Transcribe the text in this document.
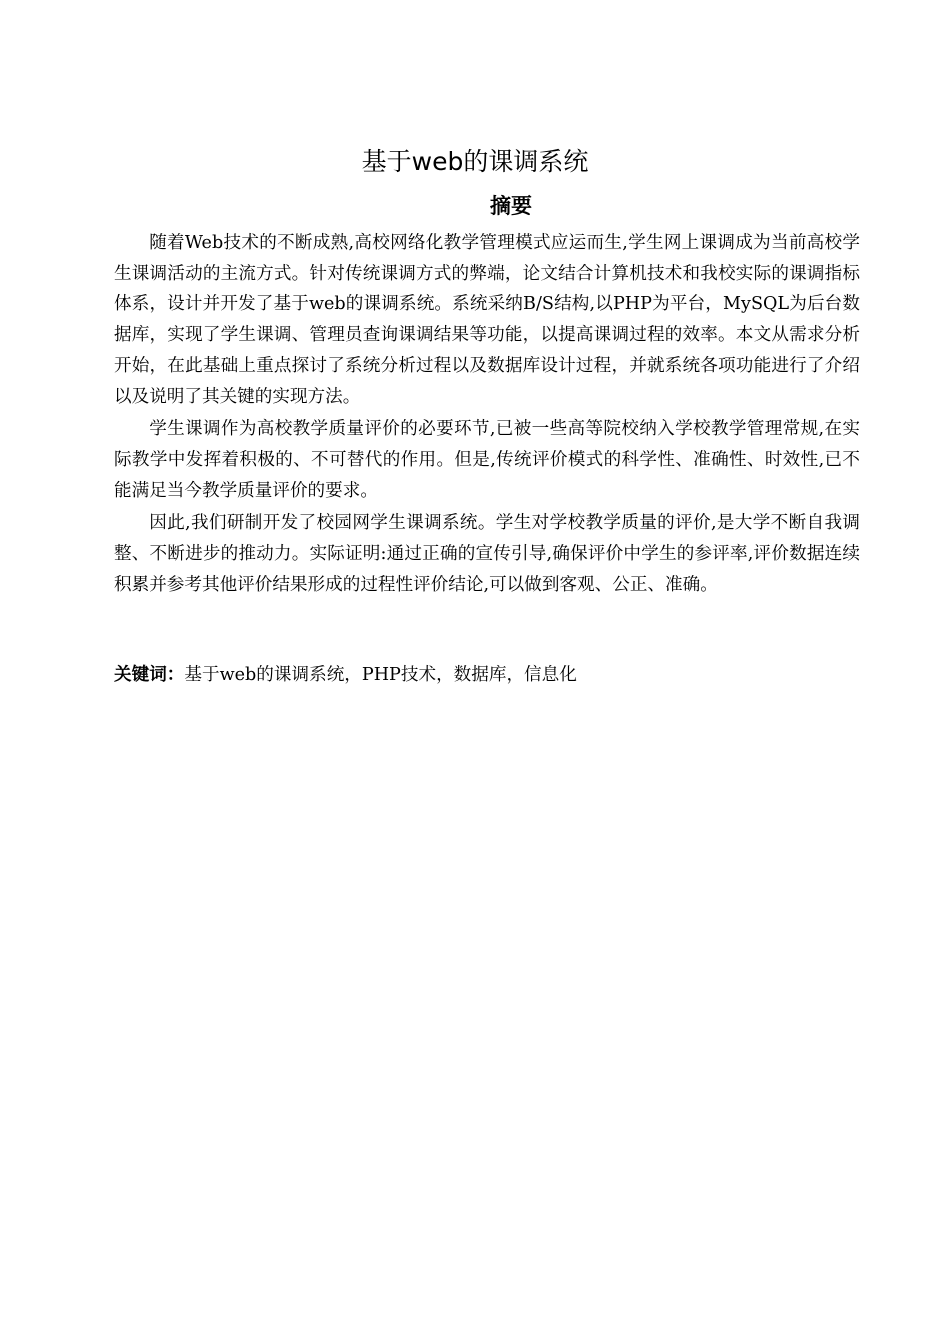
基于web的课调系统
摘要

随着Web技术的不断成熟,高校网络化教学管理模式应运而生,学生网上课调成为当前高校学生课调活动的主流方式。针对传统课调方式的弊端，论文结合计算机技术和我校实际的课调指标体系，设计并开发了基于web的课调系统。系统采纳B/S结构,以PHP为平台，MySQL为后台数据库，实现了学生课调、管理员查询课调结果等功能，以提高课调过程的效率。本文从需求分析开始，在此基础上重点探讨了系统分析过程以及数据库设计过程，并就系统各项功能进行了介绍以及说明了其关键的实现方法。

学生课调作为高校教学质量评价的必要环节,已被一些高等院校纳入学校教学管理常规,在实际教学中发挥着积极的、不可替代的作用。但是,传统评价模式的科学性、准确性、时效性,已不能满足当今教学质量评价的要求。

因此,我们研制开发了校园网学生课调系统。学生对学校教学质量的评价,是大学不断自我调整、不断进步的推动力。实际证明:通过正确的宣传引导,确保评价中学生的参评率,评价数据连续积累并参考其他评价结果形成的过程性评价结论,可以做到客观、公正、准确。

关键词：基于web的课调系统，PHP技术，数据库，信息化
